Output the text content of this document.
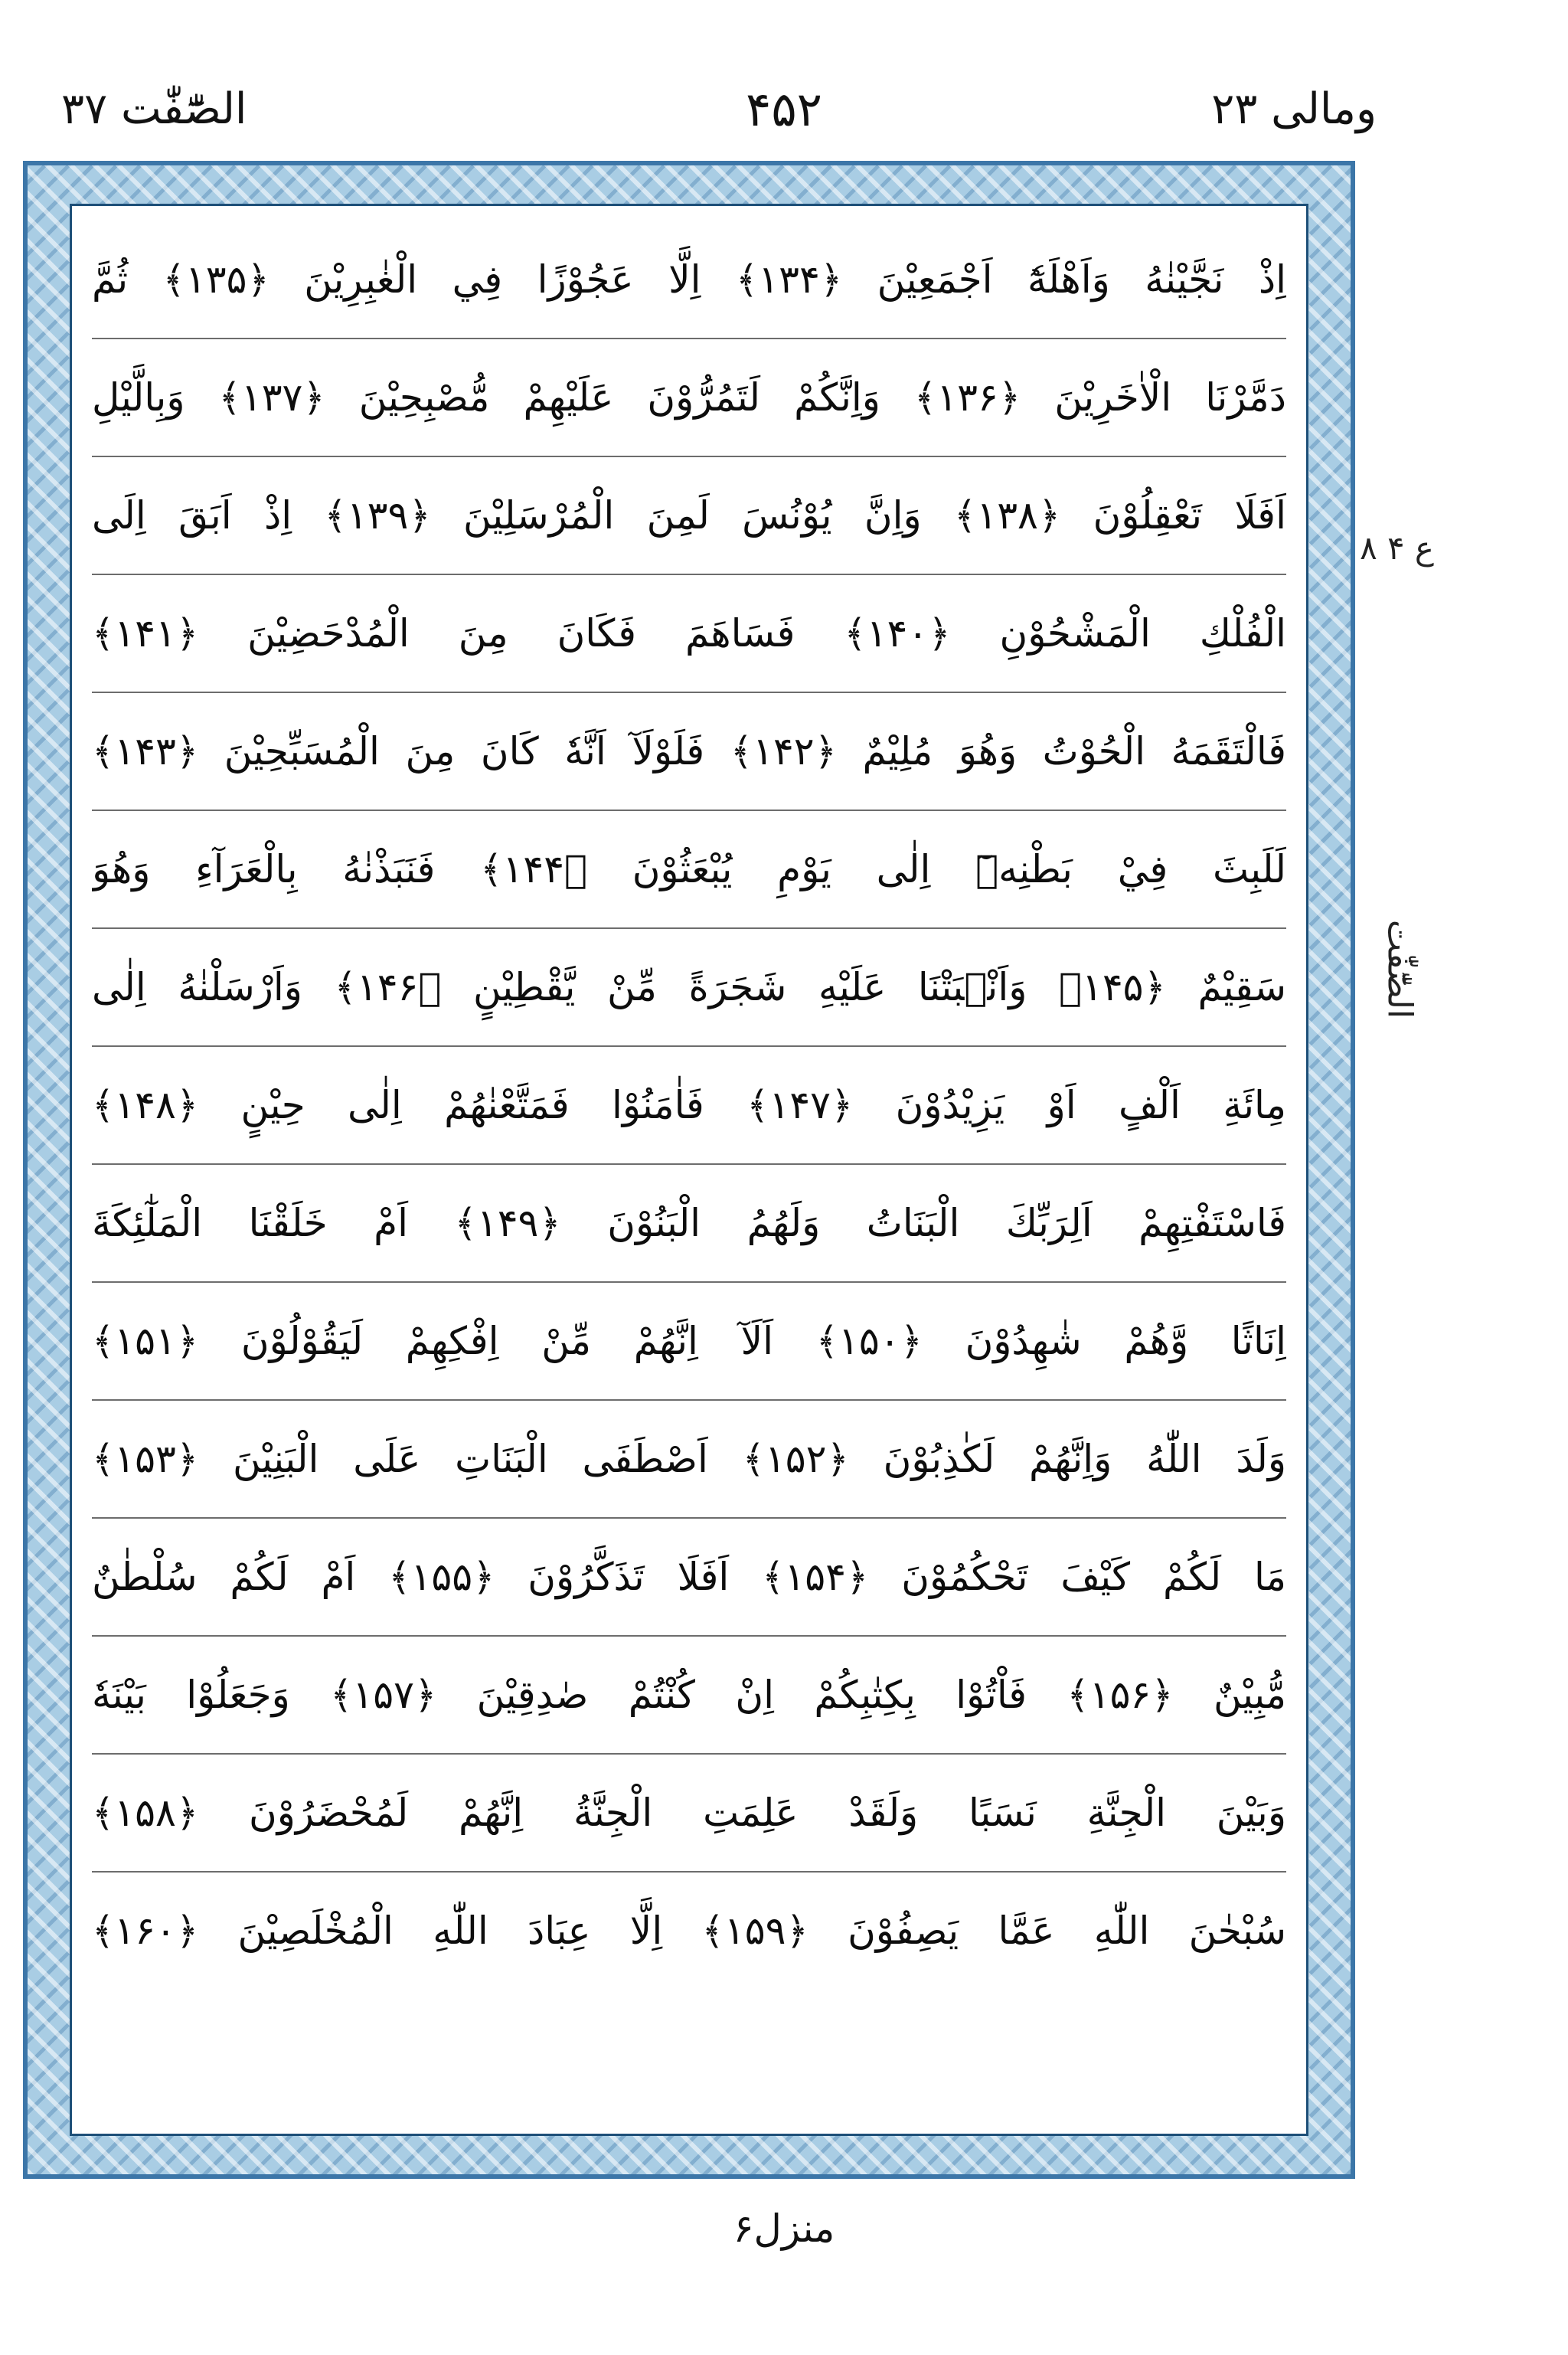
ومالی ۲۳
۴۵۲
الصّٰٓفّٰت ۳۷
ع ۴ ۸
الصّٰٓفّٰت
اِذْ نَجَّيْنٰهُ وَاَهْلَهٗٓ اَجْمَعِيْنَ ﴿۱۳۴﴾ اِلَّا عَجُوْزًا فِي الْغٰبِرِيْنَ ﴿۱۳۵﴾ ثُمَّ
دَمَّرْنَا الْاٰخَرِيْنَ ﴿۱۳۶﴾ وَاِنَّكُمْ لَتَمُرُّوْنَ عَلَيْهِمْ مُّصْبِحِيْنَ ﴿۱۳۷﴾ وَبِالَّيْلِ
اَفَلَا تَعْقِلُوْنَ ﴿۱۳۸﴾ وَاِنَّ يُوْنُسَ لَمِنَ الْمُرْسَلِيْنَ ﴿۱۳۹﴾ اِذْ اَبَقَ اِلَى
الْفُلْكِ الْمَشْحُوْنِ ﴿۱۴۰﴾ فَسَاهَمَ فَكَانَ مِنَ الْمُدْحَضِيْنَ ﴿۱۴۱﴾
فَالْتَقَمَهُ الْحُوْتُ وَهُوَ مُلِيْمٌ ﴿۱۴۲﴾ فَلَوْلَآ اَنَّهٗ كَانَ مِنَ الْمُسَبِّحِيْنَ ﴿۱۴۳﴾
لَلَبِثَ فِيْ بَطْنِهٖٓ اِلٰى يَوْمِ يُبْعَثُوْنَ ﴿۱۴۴﴾ فَنَبَذْنٰهُ بِالْعَرَآءِ وَهُوَ
سَقِيْمٌ ﴿۱۴۵﴾ وَاَنْۢبَتْنَا عَلَيْهِ شَجَرَةً مِّنْ يَّقْطِيْنٍ ﴿۱۴۶﴾ وَاَرْسَلْنٰهُ اِلٰى
مِائَةِ اَلْفٍ اَوْ يَزِيْدُوْنَ ﴿۱۴۷﴾ فَاٰمَنُوْا فَمَتَّعْنٰهُمْ اِلٰى حِيْنٍ ﴿۱۴۸﴾
فَاسْتَفْتِهِمْ اَلِرَبِّكَ الْبَنَاتُ وَلَهُمُ الْبَنُوْنَ ﴿۱۴۹﴾ اَمْ خَلَقْنَا الْمَلٰٓئِكَةَ
اِنَاثًا وَّهُمْ شٰهِدُوْنَ ﴿۱۵۰﴾ اَلَآ اِنَّهُمْ مِّنْ اِفْكِهِمْ لَيَقُوْلُوْنَ ﴿۱۵۱﴾
وَلَدَ اللّٰهُ وَاِنَّهُمْ لَكٰذِبُوْنَ ﴿۱۵۲﴾ اَصْطَفَى الْبَنَاتِ عَلَى الْبَنِيْنَ ﴿۱۵۳﴾
مَا لَكُمْ كَيْفَ تَحْكُمُوْنَ ﴿۱۵۴﴾ اَفَلَا تَذَكَّرُوْنَ ﴿۱۵۵﴾ اَمْ لَكُمْ سُلْطٰنٌ
مُّبِيْنٌ ﴿۱۵۶﴾ فَاْتُوْا بِكِتٰبِكُمْ اِنْ كُنْتُمْ صٰدِقِيْنَ ﴿۱۵۷﴾ وَجَعَلُوْا بَيْنَهٗ
وَبَيْنَ الْجِنَّةِ نَسَبًا وَلَقَدْ عَلِمَتِ الْجِنَّةُ اِنَّهُمْ لَمُحْضَرُوْنَ ﴿۱۵۸﴾
سُبْحٰنَ اللّٰهِ عَمَّا يَصِفُوْنَ ﴿۱۵۹﴾ اِلَّا عِبَادَ اللّٰهِ الْمُخْلَصِيْنَ ﴿۱۶۰﴾
منزل۶
